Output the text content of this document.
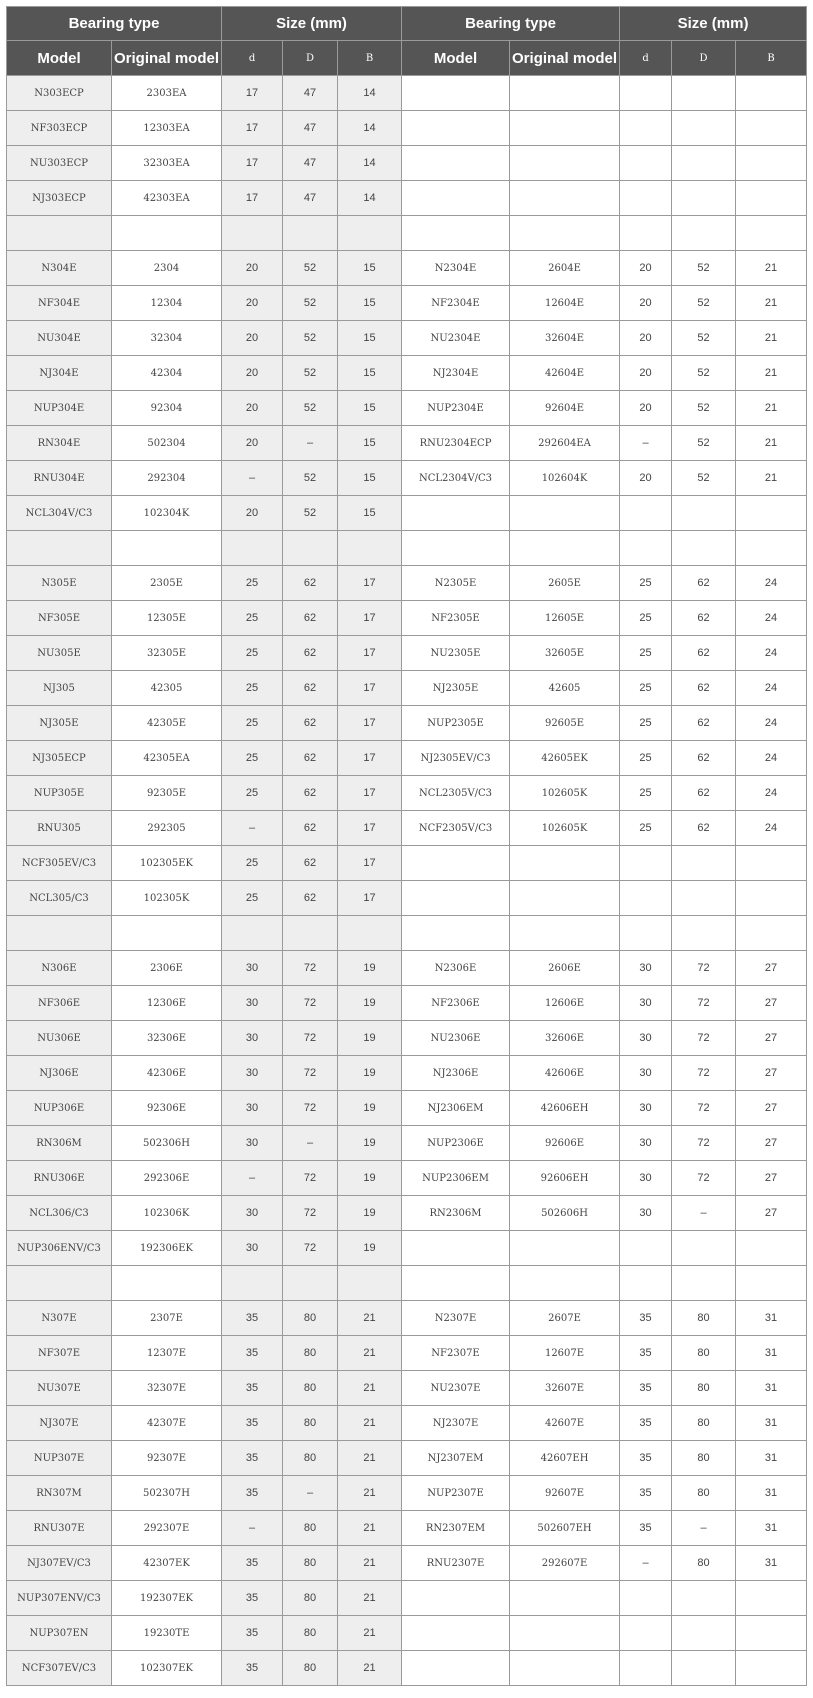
Bearing type		Size (mm)			Bearing type		Size (mm)		
Model	Original model	d	D	B	Model	Original model	d	D	B
N303ECP	2303EA	17	47	14					
NF303ECP	12303EA	17	47	14					
NU303ECP	32303EA	17	47	14					
NJ303ECP	42303EA	17	47	14					

N304E	2304	20	52	15	N2304E	2604E	20	52	21
NF304E	12304	20	52	15	NF2304E	12604E	20	52	21
NU304E	32304	20	52	15	NU2304E	32604E	20	52	21
NJ304E	42304	20	52	15	NJ2304E	42604E	20	52	21
NUP304E	92304	20	52	15	NUP2304E	92604E	20	52	21
RN304E	502304	20	–	15	RNU2304ECP	292604EA	–	52	21
RNU304E	292304	–	52	15	NCL2304V/C3	102604K	20	52	21
NCL304V/C3	102304K	20	52	15					

N305E	2305E	25	62	17	N2305E	2605E	25	62	24
NF305E	12305E	25	62	17	NF2305E	12605E	25	62	24
NU305E	32305E	25	62	17	NU2305E	32605E	25	62	24
NJ305	42305	25	62	17	NJ2305E	42605	25	62	24
NJ305E	42305E	25	62	17	NUP2305E	92605E	25	62	24
NJ305ECP	42305EA	25	62	17	NJ2305EV/C3	42605EK	25	62	24
NUP305E	92305E	25	62	17	NCL2305V/C3	102605K	25	62	24
RNU305	292305	–	62	17	NCF2305V/C3	102605K	25	62	24
NCF305EV/C3	102305EK	25	62	17					
NCL305/C3	102305K	25	62	17					

N306E	2306E	30	72	19	N2306E	2606E	30	72	27
NF306E	12306E	30	72	19	NF2306E	12606E	30	72	27
NU306E	32306E	30	72	19	NU2306E	32606E	30	72	27
NJ306E	42306E	30	72	19	NJ2306E	42606E	30	72	27
NUP306E	92306E	30	72	19	NJ2306EM	42606EH	30	72	27
RN306M	502306H	30	–	19	NUP2306E	92606E	30	72	27
RNU306E	292306E	–	72	19	NUP2306EM	92606EH	30	72	27
NCL306/C3	102306K	30	72	19	RN2306M	502606H	30	–	27
NUP306ENV/C3	192306EK	30	72	19					

N307E	2307E	35	80	21	N2307E	2607E	35	80	31
NF307E	12307E	35	80	21	NF2307E	12607E	35	80	31
NU307E	32307E	35	80	21	NU2307E	32607E	35	80	31
NJ307E	42307E	35	80	21	NJ2307E	42607E	35	80	31
NUP307E	92307E	35	80	21	NJ2307EM	42607EH	35	80	31
RN307M	502307H	35	–	21	NUP2307E	92607E	35	80	31
RNU307E	292307E	–	80	21	RN2307EM	502607EH	35	–	31
NJ307EV/C3	42307EK	35	80	21	RNU2307E	292607E	–	80	31
NUP307ENV/C3	192307EK	35	80	21					
NUP307EN	19230TE	35	80	21					
NCF307EV/C3	102307EK	35	80	21					
